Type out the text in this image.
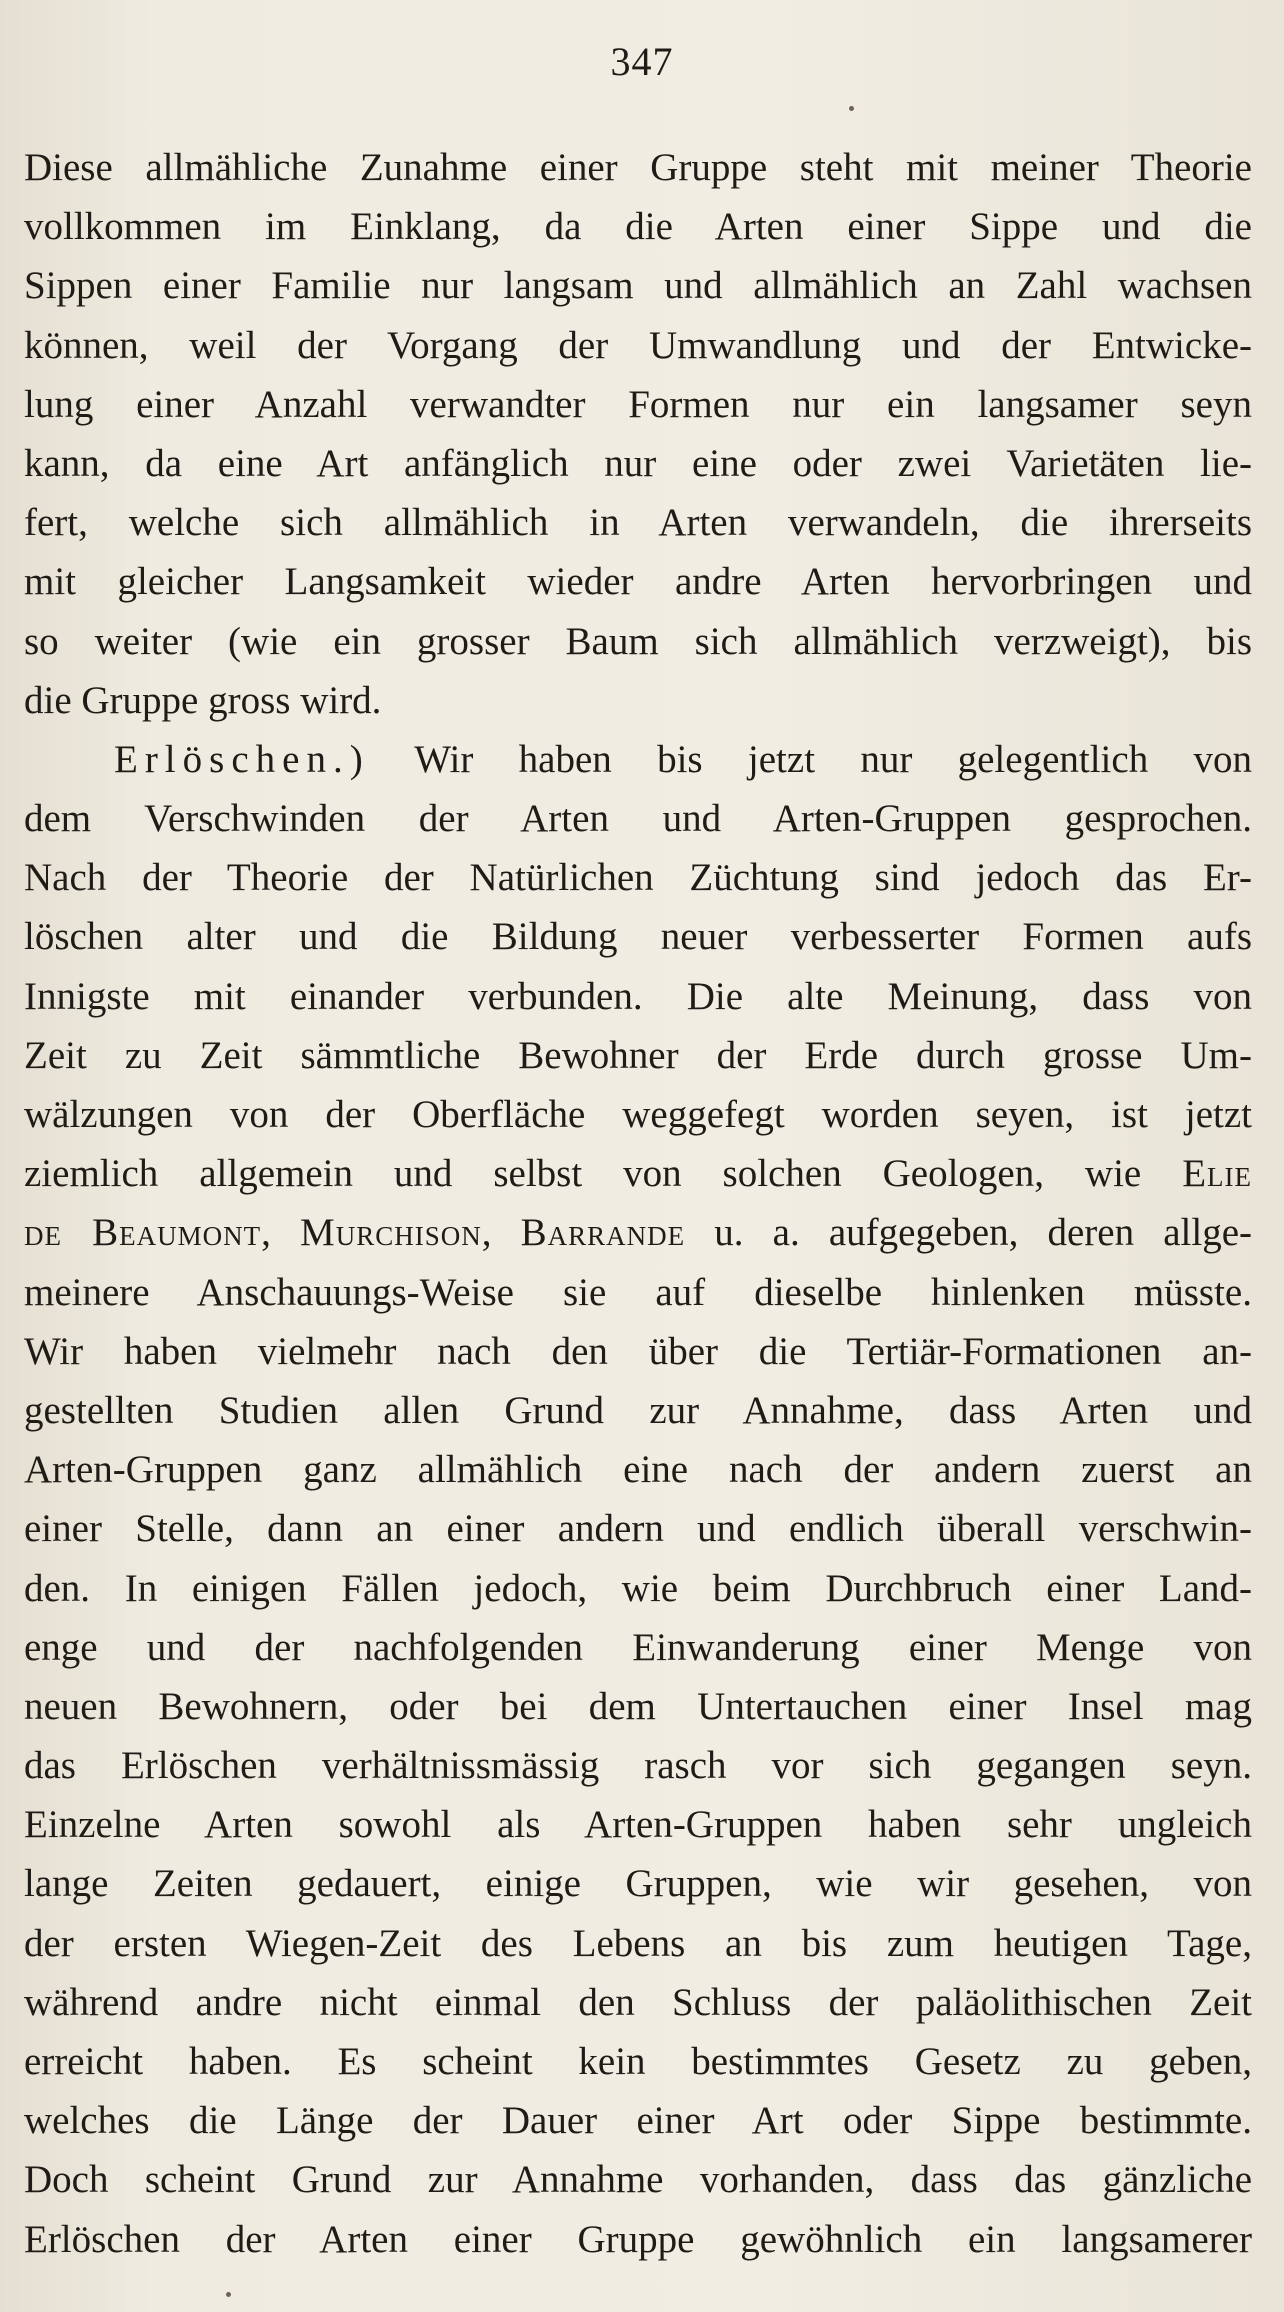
347
Diese allmähliche Zunahme einer Gruppe steht mit meiner Theorie
vollkommen im Einklang, da die Arten einer Sippe und die
Sippen einer Familie nur langsam und allmählich an Zahl wachsen
können, weil der Vorgang der Umwandlung und der Entwicke-
lung einer Anzahl verwandter Formen nur ein langsamer seyn
kann, da eine Art anfänglich nur eine oder zwei Varietäten lie-
fert, welche sich allmählich in Arten verwandeln, die ihrerseits
mit gleicher Langsamkeit wieder andre Arten hervorbringen und
so weiter (wie ein grosser Baum sich allmählich verzweigt), bis
die Gruppe gross wird.
Erlöschen.) Wir haben bis jetzt nur gelegentlich von
dem Verschwinden der Arten und Arten-Gruppen gesprochen.
Nach der Theorie der Natürlichen Züchtung sind jedoch das Er-
löschen alter und die Bildung neuer verbesserter Formen aufs
Innigste mit einander verbunden. Die alte Meinung, dass von
Zeit zu Zeit sämmtliche Bewohner der Erde durch grosse Um-
wälzungen von der Oberfläche weggefegt worden seyen, ist jetzt
ziemlich allgemein und selbst von solchen Geologen, wie Elie
de Beaumont, Murchison, Barrande u. a. aufgegeben, deren allge-
meinere Anschauungs-Weise sie auf dieselbe hinlenken müsste.
Wir haben vielmehr nach den über die Tertiär-Formationen an-
gestellten Studien allen Grund zur Annahme, dass Arten und
Arten-Gruppen ganz allmählich eine nach der andern zuerst an
einer Stelle, dann an einer andern und endlich überall verschwin-
den. In einigen Fällen jedoch, wie beim Durchbruch einer Land-
enge und der nachfolgenden Einwanderung einer Menge von
neuen Bewohnern, oder bei dem Untertauchen einer Insel mag
das Erlöschen verhältnissmässig rasch vor sich gegangen seyn.
Einzelne Arten sowohl als Arten-Gruppen haben sehr ungleich
lange Zeiten gedauert, einige Gruppen, wie wir gesehen, von
der ersten Wiegen-Zeit des Lebens an bis zum heutigen Tage,
während andre nicht einmal den Schluss der paläolithischen Zeit
erreicht haben. Es scheint kein bestimmtes Gesetz zu geben,
welches die Länge der Dauer einer Art oder Sippe bestimmte.
Doch scheint Grund zur Annahme vorhanden, dass das gänzliche
Erlöschen der Arten einer Gruppe gewöhnlich ein langsamerer
